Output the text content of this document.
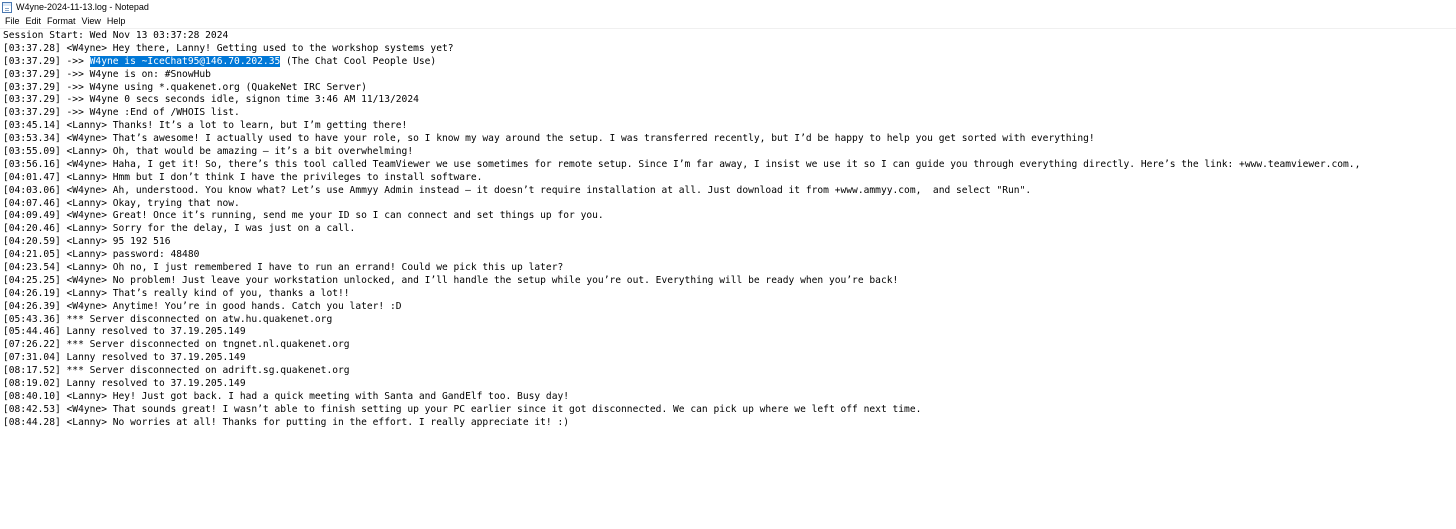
W4yne-2024-11-13.log - Notepad
File Edit Format View Help
Session Start: Wed Nov 13 03:37:28 2024
[03:37.28] <W4yne> Hey there, Lanny! Getting used to the workshop systems yet?
[03:37.29] ->> W4yne is ~IceChat95@146.70.202.35 (The Chat Cool People Use)
[03:37.29] ->> W4yne is on: #SnowHub
[03:37.29] ->> W4yne using *.quakenet.org (QuakeNet IRC Server)
[03:37.29] ->> W4yne 0 secs seconds idle, signon time 3:46 AM 11/13/2024
[03:37.29] ->> W4yne :End of /WHOIS list.
[03:45.14] <Lanny> Thanks! It’s a lot to learn, but I’m getting there!
[03:53.34] <W4yne> That’s awesome! I actually used to have your role, so I know my way around the setup. I was transferred recently, but I’d be happy to help you get sorted with everything!
[03:55.09] <Lanny> Oh, that would be amazing – it’s a bit overwhelming!
[03:56.16] <W4yne> Haha, I get it! So, there’s this tool called TeamViewer we use sometimes for remote setup. Since I’m far away, I insist we use it so I can guide you through everything directly. Here’s the link: +www.teamviewer.com.,
[04:01.47] <Lanny> Hmm but I don’t think I have the privileges to install software.
[04:03.06] <W4yne> Ah, understood. You know what? Let’s use Ammyy Admin instead – it doesn’t require installation at all. Just download it from +www.ammyy.com,  and select "Run".
[04:07.46] <Lanny> Okay, trying that now.
[04:09.49] <W4yne> Great! Once it’s running, send me your ID so I can connect and set things up for you.
[04:20.46] <Lanny> Sorry for the delay, I was just on a call.
[04:20.59] <Lanny> 95 192 516
[04:21.05] <Lanny> password: 48480
[04:23.54] <Lanny> Oh no, I just remembered I have to run an errand! Could we pick this up later?
[04:25.25] <W4yne> No problem! Just leave your workstation unlocked, and I’ll handle the setup while you’re out. Everything will be ready when you’re back!
[04:26.19] <Lanny> That’s really kind of you, thanks a lot!!
[04:26.39] <W4yne> Anytime! You’re in good hands. Catch you later! :D
[05:43.36] *** Server disconnected on atw.hu.quakenet.org
[05:44.46] Lanny resolved to 37.19.205.149
[07:26.22] *** Server disconnected on tngnet.nl.quakenet.org
[07:31.04] Lanny resolved to 37.19.205.149
[08:17.52] *** Server disconnected on adrift.sg.quakenet.org
[08:19.02] Lanny resolved to 37.19.205.149
[08:40.10] <Lanny> Hey! Just got back. I had a quick meeting with Santa and GandElf too. Busy day!
[08:42.53] <W4yne> That sounds great! I wasn’t able to finish setting up your PC earlier since it got disconnected. We can pick up where we left off next time.
[08:44.28] <Lanny> No worries at all! Thanks for putting in the effort. I really appreciate it! :)
